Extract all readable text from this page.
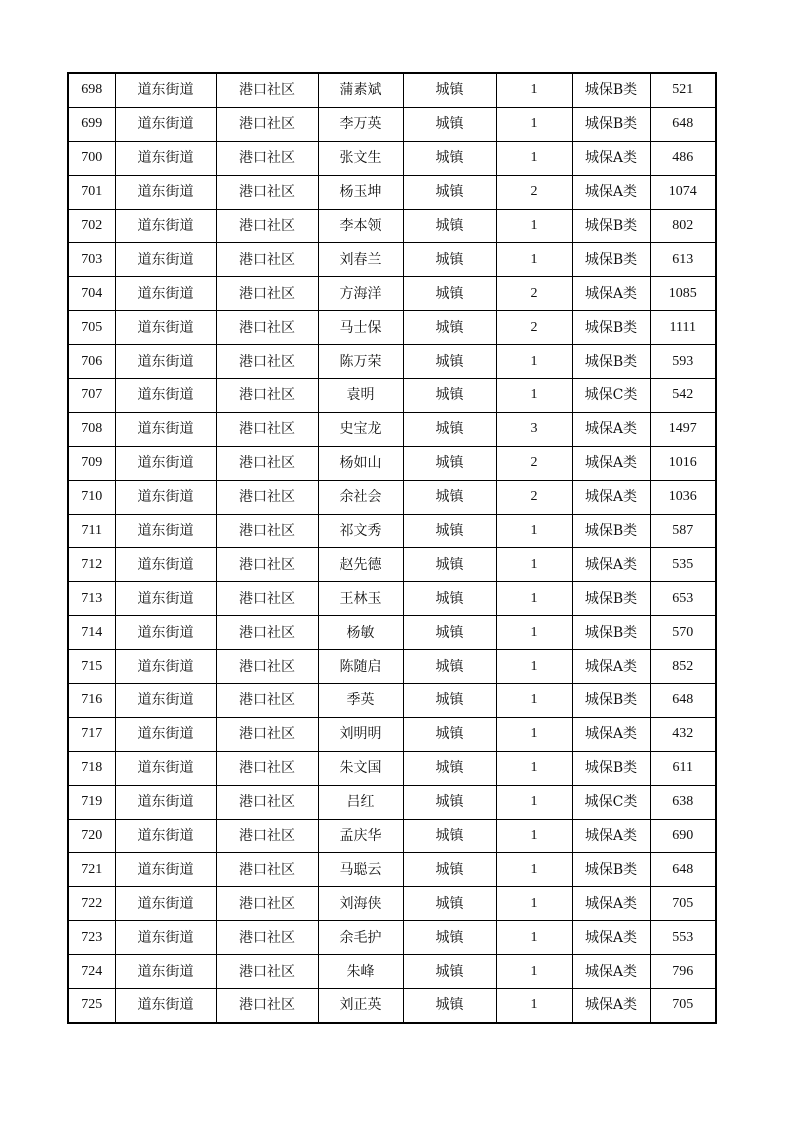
698	道东街道	港口社区	蒲素斌	城镇	1	城保B类	521
699	道东街道	港口社区	李万英	城镇	1	城保B类	648
700	道东街道	港口社区	张文生	城镇	1	城保A类	486
701	道东街道	港口社区	杨玉坤	城镇	2	城保A类	1074
702	道东街道	港口社区	李本领	城镇	1	城保B类	802
703	道东街道	港口社区	刘春兰	城镇	1	城保B类	613
704	道东街道	港口社区	方海洋	城镇	2	城保A类	1085
705	道东街道	港口社区	马士保	城镇	2	城保B类	1111
706	道东街道	港口社区	陈万荣	城镇	1	城保B类	593
707	道东街道	港口社区	袁明	城镇	1	城保C类	542
708	道东街道	港口社区	史宝龙	城镇	3	城保A类	1497
709	道东街道	港口社区	杨如山	城镇	2	城保A类	1016
710	道东街道	港口社区	余社会	城镇	2	城保A类	1036
711	道东街道	港口社区	祁文秀	城镇	1	城保B类	587
712	道东街道	港口社区	赵先德	城镇	1	城保A类	535
713	道东街道	港口社区	王林玉	城镇	1	城保B类	653
714	道东街道	港口社区	杨敏	城镇	1	城保B类	570
715	道东街道	港口社区	陈随启	城镇	1	城保A类	852
716	道东街道	港口社区	季英	城镇	1	城保B类	648
717	道东街道	港口社区	刘明明	城镇	1	城保A类	432
718	道东街道	港口社区	朱文国	城镇	1	城保B类	611
719	道东街道	港口社区	吕红	城镇	1	城保C类	638
720	道东街道	港口社区	孟庆华	城镇	1	城保A类	690
721	道东街道	港口社区	马聪云	城镇	1	城保B类	648
722	道东街道	港口社区	刘海侠	城镇	1	城保A类	705
723	道东街道	港口社区	余毛护	城镇	1	城保A类	553
724	道东街道	港口社区	朱峰	城镇	1	城保A类	796
725	道东街道	港口社区	刘正英	城镇	1	城保A类	705
